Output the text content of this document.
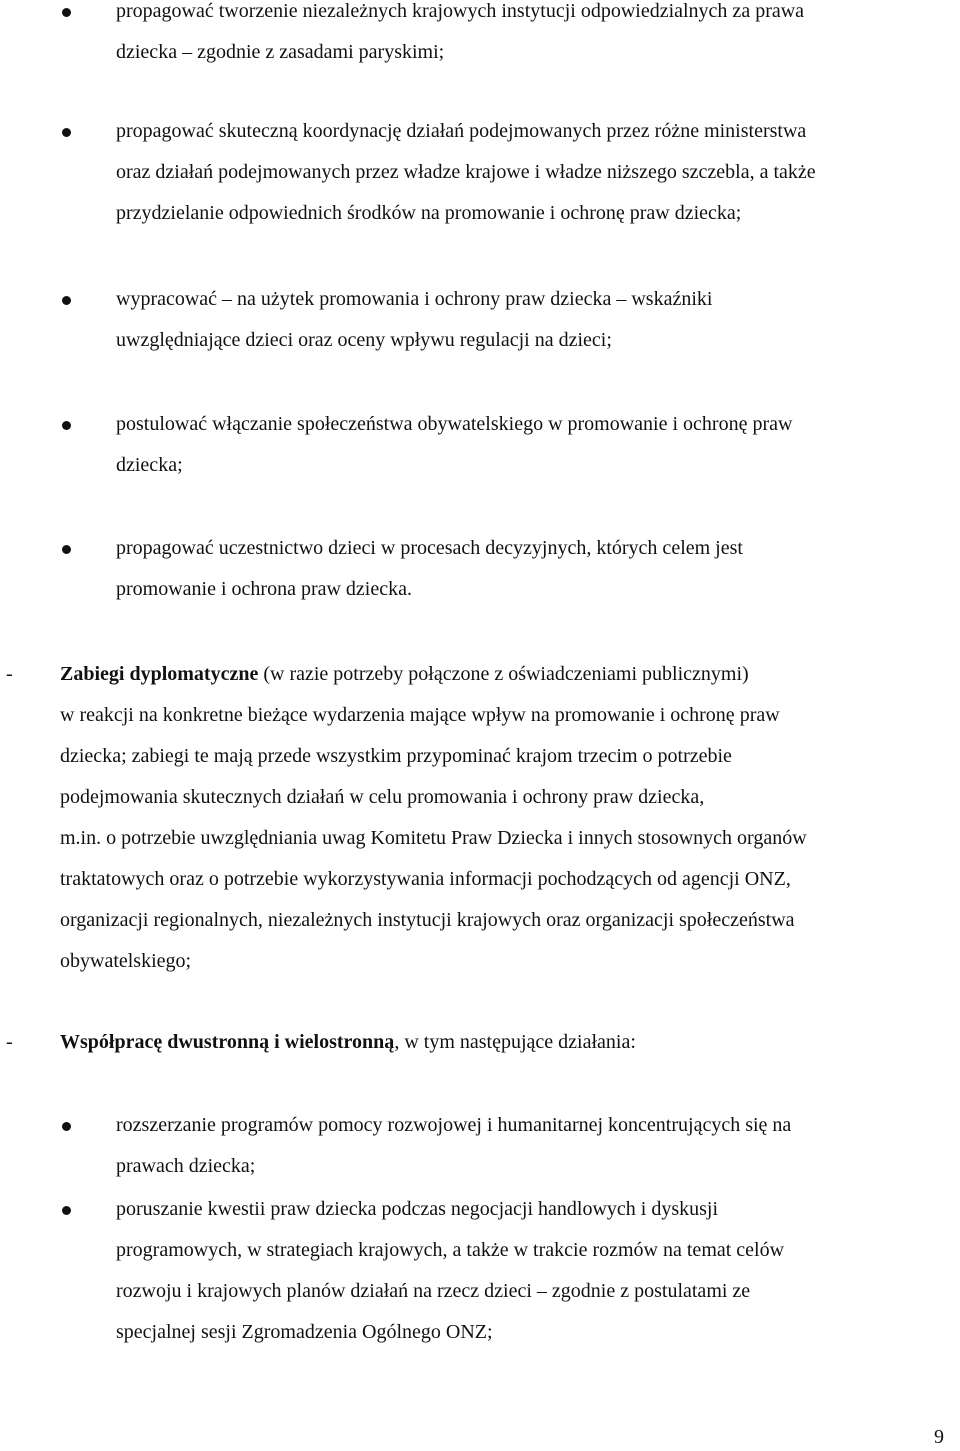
propagować tworzenie niezależnych krajowych instytucji odpowiedzialnych za prawa
dziecka – zgodnie z zasadami paryskimi;

propagować skuteczną koordynację działań podejmowanych przez różne ministerstwa
oraz działań podejmowanych przez władze krajowe i władze niższego szczebla, a także
przydzielanie odpowiednich środków na promowanie i ochronę praw dziecka;

wypracować – na użytek promowania i ochrony praw dziecka – wskaźniki
uwzględniające dzieci oraz oceny wpływu regulacji na dzieci;

postulować włączanie społeczeństwa obywatelskiego w promowanie i ochronę praw
dziecka;

propagować uczestnictwo dzieci w procesach decyzyjnych, których celem jest
promowanie i ochrona praw dziecka.

- Zabiegi dyplomatyczne (w razie potrzeby połączone z oświadczeniami publicznymi)
w reakcji na konkretne bieżące wydarzenia mające wpływ na promowanie i ochronę praw
dziecka; zabiegi te mają przede wszystkim przypominać krajom trzecim o potrzebie
podejmowania skutecznych działań w celu promowania i ochrony praw dziecka,
m.in. o potrzebie uwzględniania uwag Komitetu Praw Dziecka i innych stosownych organów
traktatowych oraz o potrzebie wykorzystywania informacji pochodzących od agencji ONZ,
organizacji regionalnych, niezależnych instytucji krajowych oraz organizacji społeczeństwa
obywatelskiego;

- Współpracę dwustronną i wielostronną, w tym następujące działania:

rozszerzanie programów pomocy rozwojowej i humanitarnej koncentrujących się na
prawach dziecka;

poruszanie kwestii praw dziecka podczas negocjacji handlowych i dyskusji
programowych, w strategiach krajowych, a także w trakcie rozmów na temat celów
rozwoju i krajowych planów działań na rzecz dzieci – zgodnie z postulatami ze
specjalnej sesji Zgromadzenia Ogólnego ONZ;

9
